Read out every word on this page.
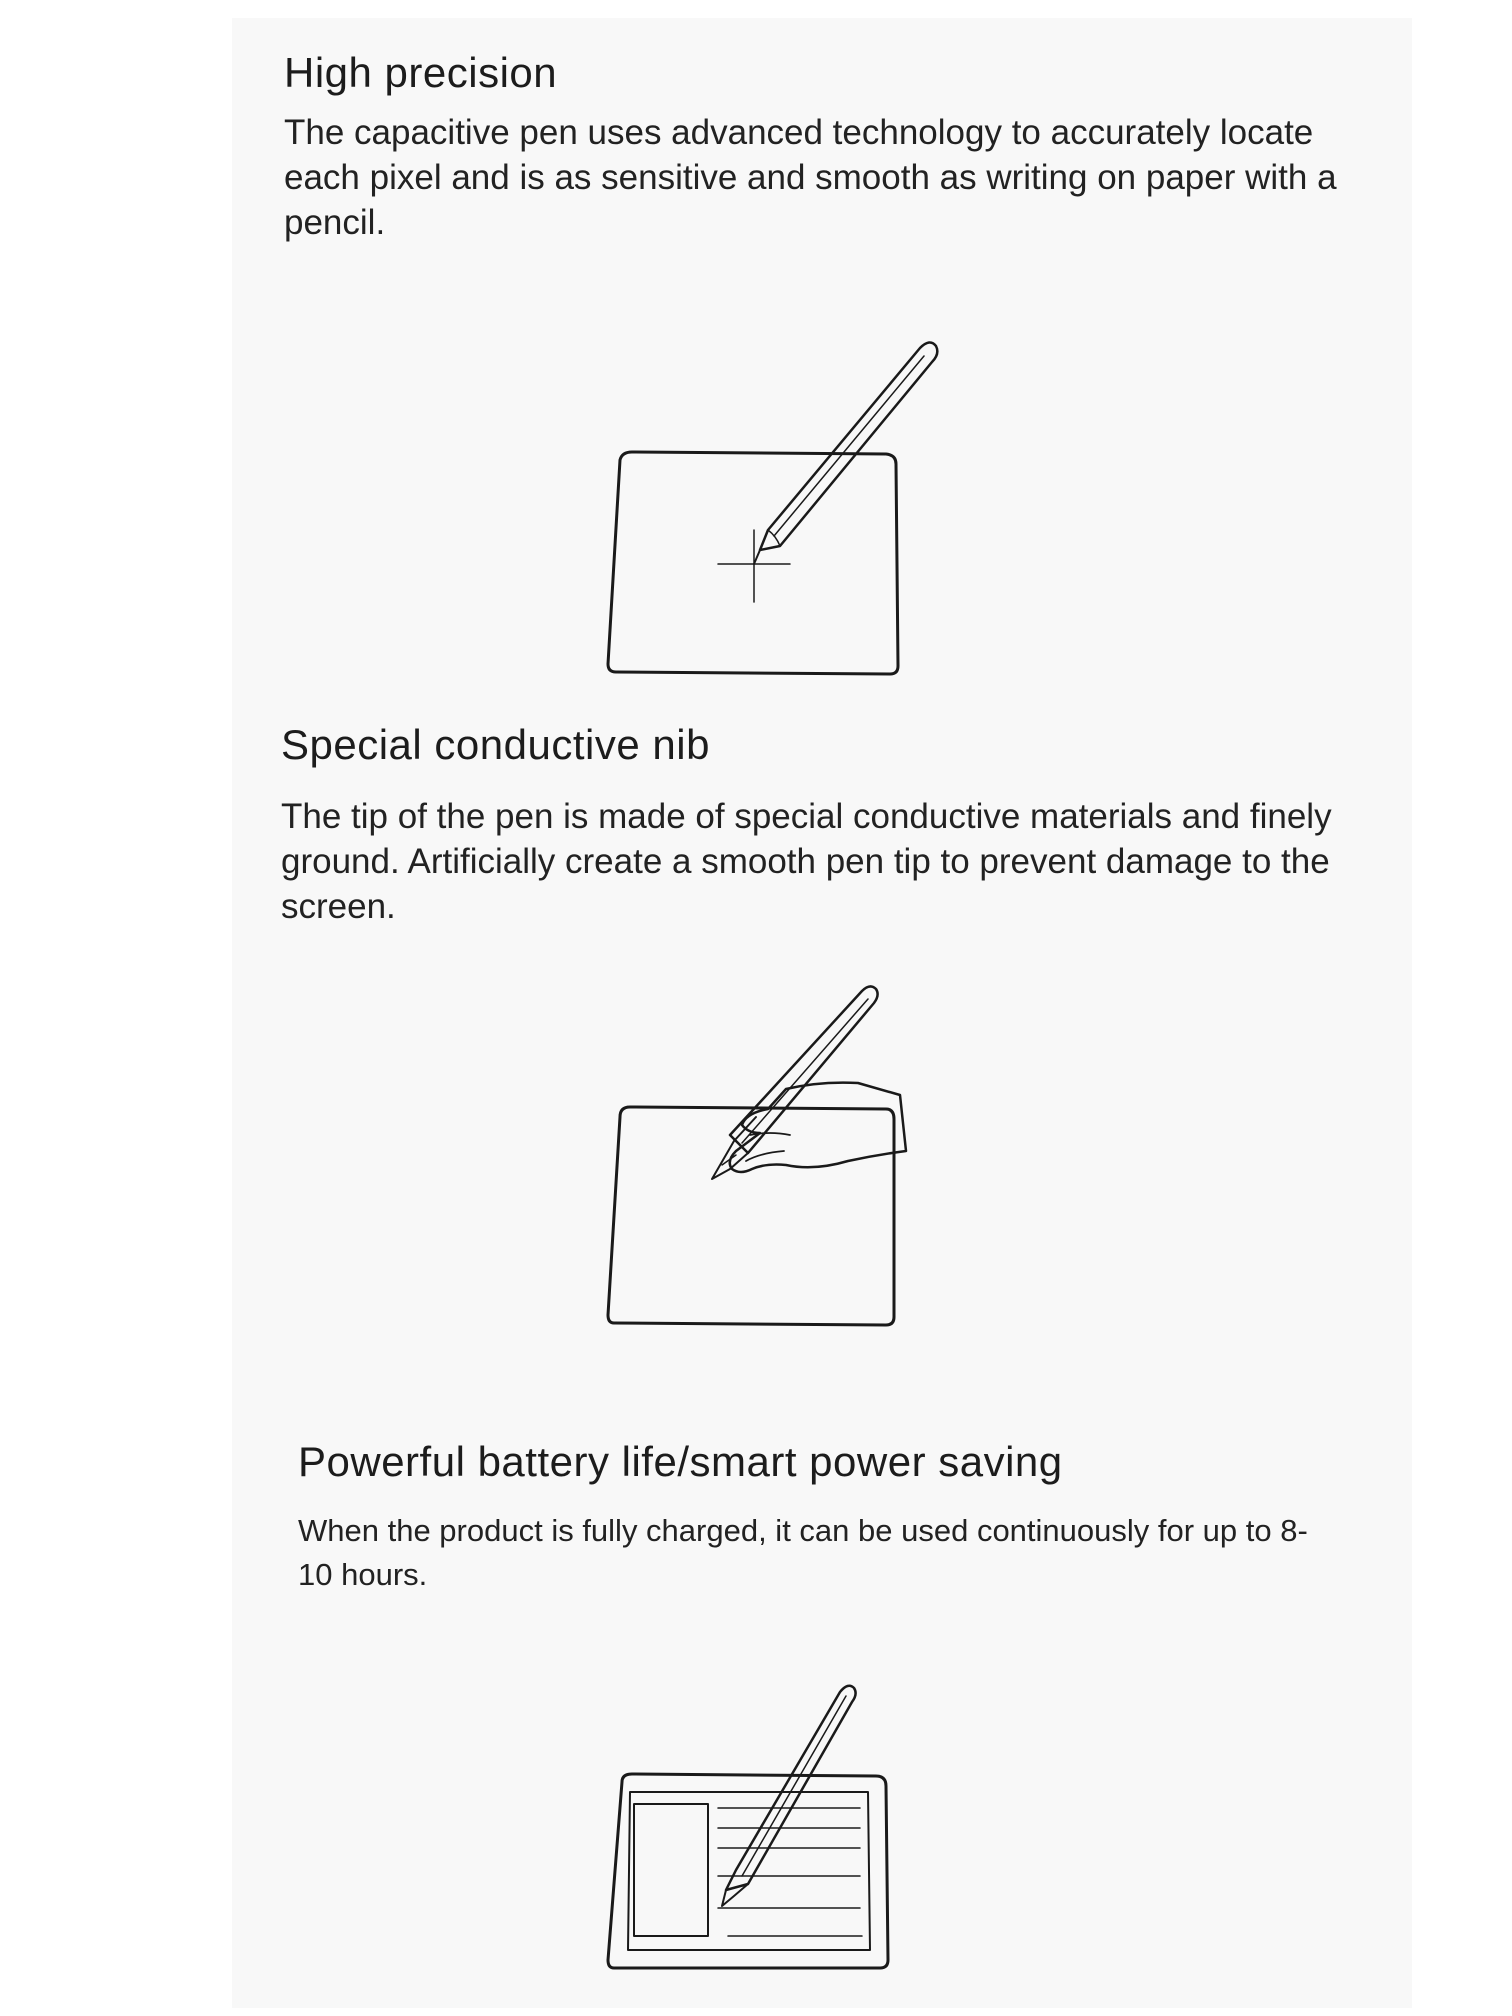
High precision

The capacitive pen uses advanced technology to accurately locate each pixel and is as sensitive and smooth as writing on paper with a pencil.

Special conductive nib

The tip of the pen is made of special conductive materials and finely ground. Artificially create a smooth pen tip to prevent damage to the screen.

Powerful battery life/smart power saving

When the product is fully charged, it can be used continuously for up to 8-10 hours.
